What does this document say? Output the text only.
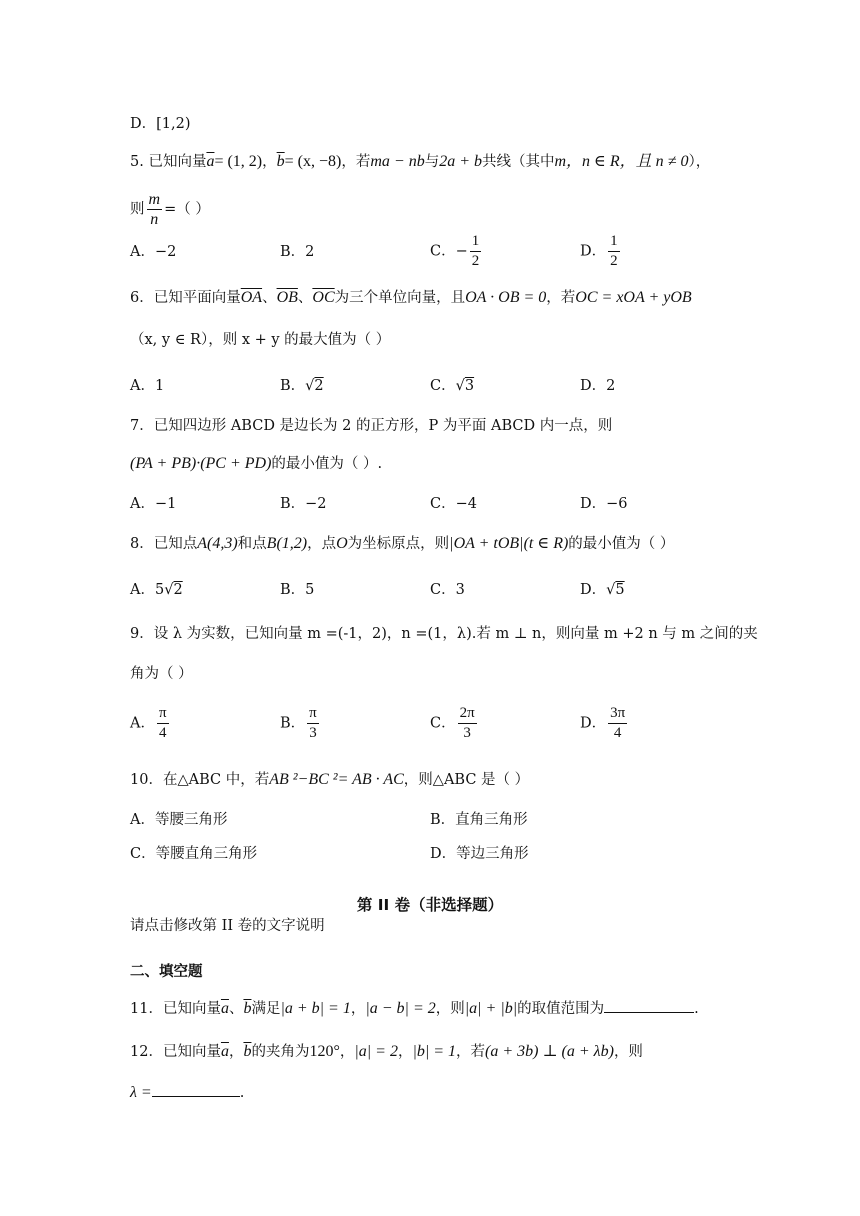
D．[1,2)
5. 已知向量$\overline{a}= (1$, 2)，$\overline{b}= (x$, −8)，若ma − nb与2a + b共线（其中m，n ∈ R，且 n ≠ 0），
则 $\frac{m}{n}$ =（ ）
A．−2	B．2	C．− $\frac{1}{2}$	D． $\frac{1}{2}$
6．已知平面向量$\overline{OA}$、$\overline{OB}$、$\overline{OC}$为三个单位向量，且OA · OB = 0，若OC = xOA + yOB
（x, y ∈ R），则 x + y 的最大值为（ ）
A．1	B．√2	C．√3	D．2
7．已知四边形 ABCD 是边长为 2 的正方形，P 为平面 ABCD 内一点，则
(PA + PB)·(PC + PD)的最小值为（ ）.
A．−1	B．−2	C．−4	D．−6
8．已知点A(4,3)和点B(1,2)，点O为坐标原点，则|OA + tOB|(t ∈ R)的最小值为（ ）
A．5√2	B．5	C．3	D．√5
9．设 λ 为实数，已知向量 m =(-1，2)，n =(1，λ).若 m ⊥ n，则向量 m +2 n 与 m 之间的夹
角为（ ）
A． $\frac{\pi}{4}$	B． $\frac{\pi}{3}$	C． $\frac{2\pi}{3}$	D． $\frac{3\pi}{4}$
10．在△ABC 中，若AB ²−BC ²= AB · AC，则△ABC 是（ ）
A．等腰三角形	B．直角三角形
C．等腰直角三角形	D．等边三角形
第 II 卷（非选择题）
请点击修改第 II 卷的文字说明
二、填空题
11．已知向量$\overline{a}$、$\overline{b}$满足|a + b| = 1，|a − b| = 2，则|a| + |b|的取值范围为	.
12．已知向量$\overline{a}$，$\overline{b}$的夹角为120°，|a| = 2，|b| = 1，若(a + 3b) ⊥ (a + λb)，则
λ =	.
